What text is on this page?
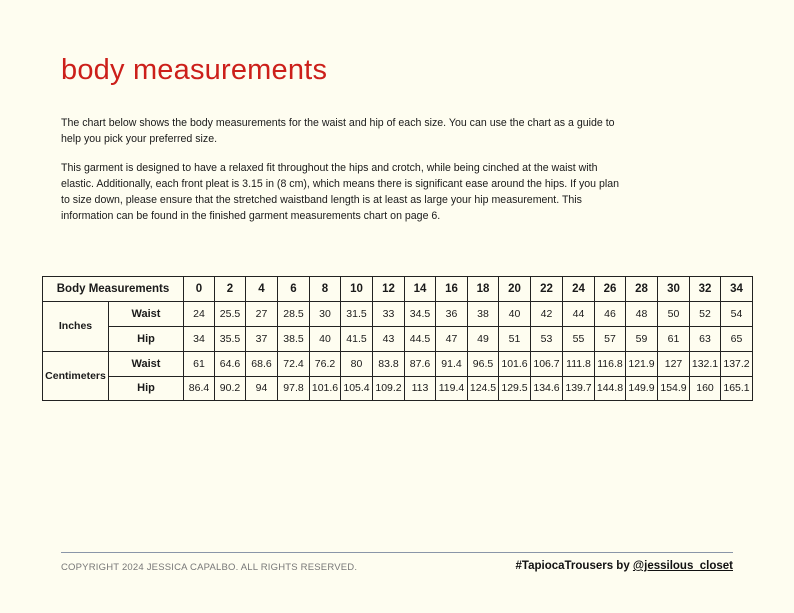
body measurements

The chart below shows the body measurements for the waist and hip of each size. You can use the chart as a guide to help you pick your preferred size.

This garment is designed to have a relaxed fit throughout the hips and crotch, while being cinched at the waist with elastic. Additionally, each front pleat is 3.15 in (8 cm), which means there is significant ease around the hips. If you plan to size down, please ensure that the stretched waistband length is at least as large your hip measurement. This information can be found in the finished garment measurements chart on page 6.

Body Measurements		0	2	4	6	8	10	12	14	16	18	20	22	24	26	28	30	32	34
Inches	Waist	24	25.5	27	28.5	30	31.5	33	34.5	36	38	40	42	44	46	48	50	52	54
	Hip	34	35.5	37	38.5	40	41.5	43	44.5	47	49	51	53	55	57	59	61	63	65
Centimeters	Waist	61	64.6	68.6	72.4	76.2	80	83.8	87.6	91.4	96.5	101.6	106.7	111.8	116.8	121.9	127	132.1	137.2
	Hip	86.4	90.2	94	97.8	101.6	105.4	109.2	113	119.4	124.5	129.5	134.6	139.7	144.8	149.9	154.9	160	165.1
COPYRIGHT 2024 JESSICA CAPALBO. ALL RIGHTS RESERVED.	#TapiocaTrousers by @jessilous_closet
